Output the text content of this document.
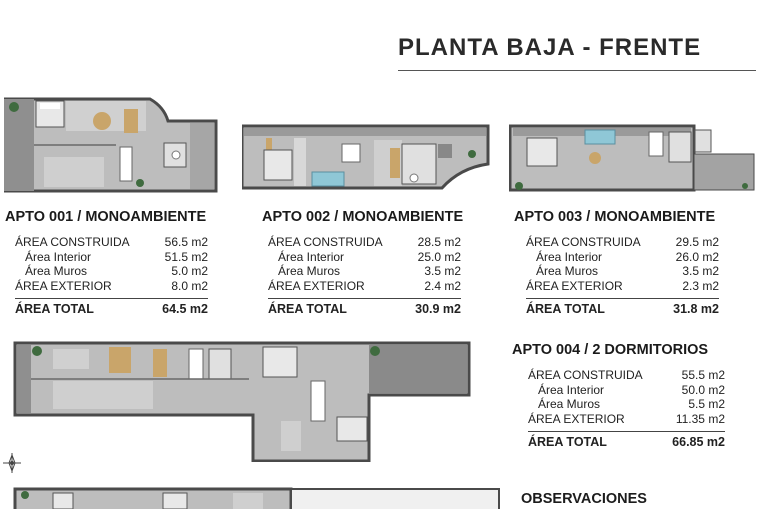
PLANTA BAJA - FRENTE
APTO 001 / MONOAMBIENTE
ÁREA CONSTRUIDA	56.5 m2
Área Interior	51.5 m2
Área Muros	5.0 m2
ÁREA EXTERIOR	8.0 m2
ÁREA TOTAL	64.5 m2
APTO 002 / MONOAMBIENTE
ÁREA CONSTRUIDA	28.5 m2
Área Interior	25.0 m2
Área Muros	3.5 m2
ÁREA EXTERIOR	2.4 m2
ÁREA TOTAL	30.9 m2
APTO 003 / MONOAMBIENTE
ÁREA CONSTRUIDA	29.5 m2
Área Interior	26.0 m2
Área Muros	3.5 m2
ÁREA EXTERIOR	2.3 m2
ÁREA TOTAL	31.8 m2
APTO 004 / 2 DORMITORIOS
ÁREA CONSTRUIDA	55.5 m2
Área Interior	50.0 m2
Área Muros	5.5 m2
ÁREA EXTERIOR	11.35 m2
ÁREA TOTAL	66.85 m2
OBSERVACIONES
